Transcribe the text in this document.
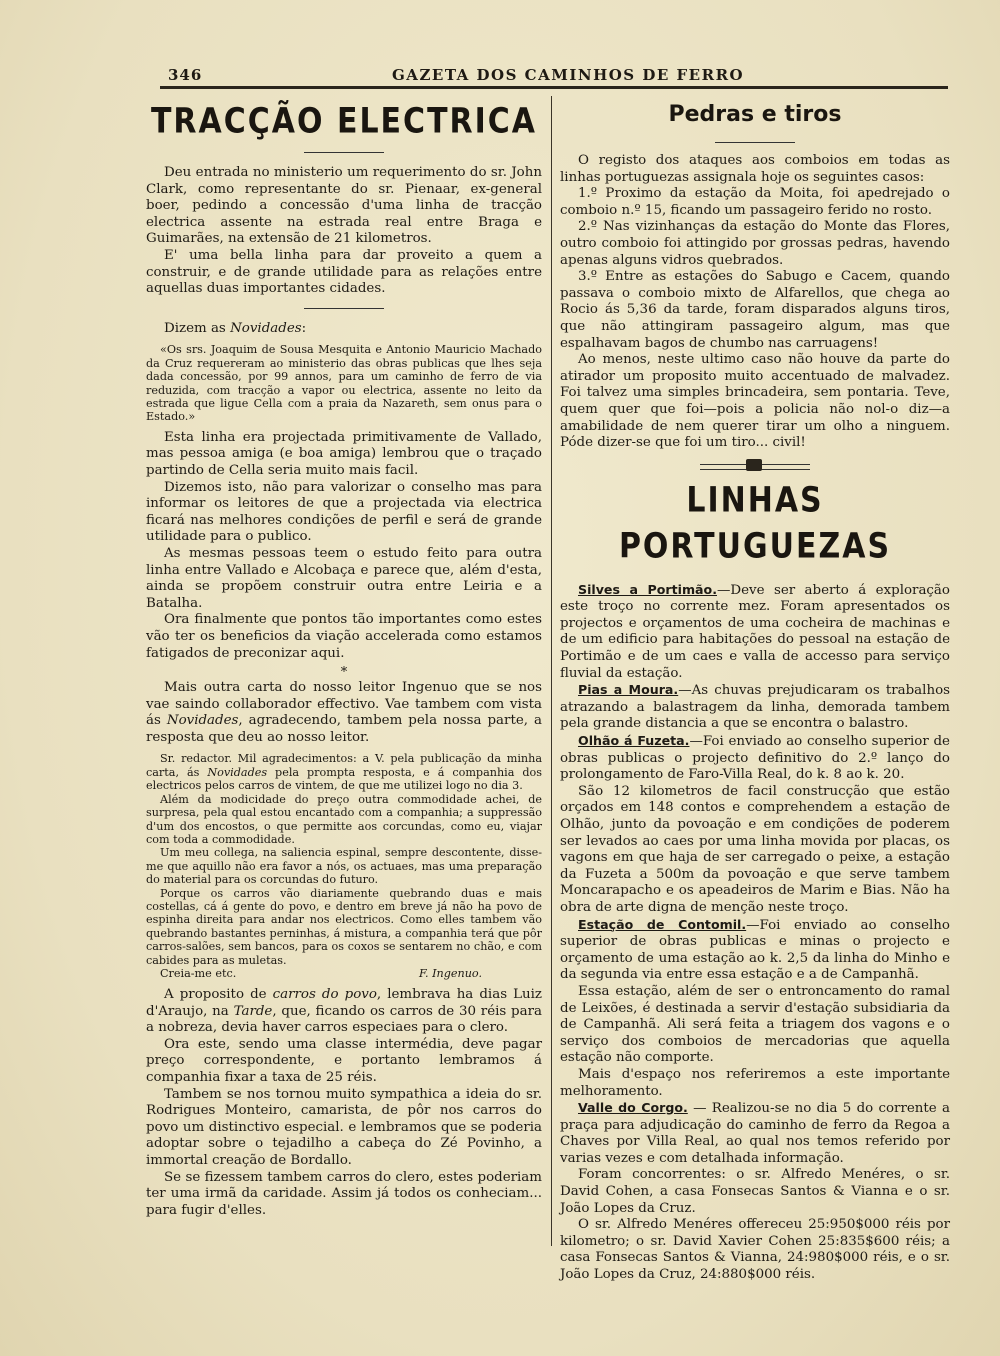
346	GAZETA DOS CAMINHOS DE FERRO
TRACÇÃO ELECTRICA

Deu entrada no ministerio um requerimento do sr. John Clark, como representante do sr. Pienaar, ex-general boer, pedindo a concessão d'uma linha de tracção electrica assente na estrada real entre Braga e Guimarães, na extensão de 21 kilometros.

E' uma bella linha para dar proveito a quem a construir, e de grande utilidade para as relações entre aquellas duas importantes cidades.

Dizem as Novidades:

«Os srs. Joaquim de Sousa Mesquita e Antonio Mauricio Machado da Cruz requereram ao ministerio das obras publicas que lhes seja dada concessão, por 99 annos, para um caminho de ferro de via reduzida, com tracção a vapor ou electrica, assente no leito da estrada que ligue Cella com a praia da Nazareth, sem onus para o Estado.»

Esta linha era projectada primitivamente de Vallado, mas pessoa amiga (e boa amiga) lembrou que o traçado partindo de Cella seria muito mais facil.

Dizemos isto, não para valorizar o conselho mas para informar os leitores de que a projectada via electrica ficará nas melhores condições de perfil e será de grande utilidade para o publico.

As mesmas pessoas teem o estudo feito para outra linha entre Vallado e Alcobaça e parece que, além d'esta, ainda se propõem construir outra entre Leiria e a Batalha.

Ora finalmente que pontos tão importantes como estes vão ter os beneficios da viação accelerada como estamos fatigados de preconizar aqui.

*

Mais outra carta do nosso leitor Ingenuo que se nos vae saindo collaborador effectivo. Vae tambem com vista ás Novidades, agradecendo, tambem pela nossa parte, a resposta que deu ao nosso leitor.

Sr. redactor. Mil agradecimentos: a V. pela publicação da minha carta, ás Novidades pela prompta resposta, e á companhia dos electricos pelos carros de vintem, de que me utilizei logo no dia 3.

Além da modicidade do preço outra commodidade achei, de surpresa, pela qual estou encantado com a companhia; a suppressão d'um dos encostos, o que permitte aos corcundas, como eu, viajar com toda a commodidade.

Um meu collega, na saliencia espinal, sempre descontente, disse-me que aquillo não era favor a nós, os actuaes, mas uma preparação do material para os corcundas do futuro.

Porque os carros vão diariamente quebrando duas e mais costellas, cá á gente do povo, e dentro em breve já não ha povo de espinha direita para andar nos electricos. Como elles tambem vão quebrando bastantes perninhas, á mistura, a companhia terá que pôr carros-salões, sem bancos, para os coxos se sentarem no chão, e com cabides para as muletas.

Creia-me etc.	F. Ingenuo.

A proposito de carros do povo, lembrava ha dias Luiz d'Araujo, na Tarde, que, ficando os carros de 30 réis para a nobreza, devia haver carros especiaes para o clero.

Ora este, sendo uma classe intermédia, deve pagar preço correspondente, e portanto lembramos á companhia fixar a taxa de 25 réis.

Tambem se nos tornou muito sympathica a ideia do sr. Rodrigues Monteiro, camarista, de pôr nos carros do povo um distinctivo especial. e lembramos que se poderia adoptar sobre o tejadilho a cabeça do Zé Povinho, a immortal creação de Bordallo.

Se se fizessem tambem carros do clero, estes poderiam ter uma irmã da caridade. Assim já todos os conheciam... para fugir d'elles.

Pedras e tiros

O registo dos ataques aos comboios em todas as linhas portuguezas assignala hoje os seguintes casos:

1.º Proximo da estação da Moita, foi apedrejado o comboio n.º 15, ficando um passageiro ferido no rosto.

2.º Nas vizinhanças da estação do Monte das Flores, outro comboio foi attingido por grossas pedras, havendo apenas alguns vidros quebrados.

3.º Entre as estações do Sabugo e Cacem, quando passava o comboio mixto de Alfarellos, que chega ao Rocio ás 5,36 da tarde, foram disparados alguns tiros, que não attingiram passageiro algum, mas que espalhavam bagos de chumbo nas carruagens!

Ao menos, neste ultimo caso não houve da parte do atirador um proposito muito accentuado de malvadez. Foi talvez uma simples brincadeira, sem pontaria. Teve, quem quer que foi—pois a policia não nol-o diz—a amabilidade de nem querer tirar um olho a ninguem. Póde dizer-se que foi um tiro... civil!

LINHAS PORTUGUEZAS

Silves a Portimão.—Deve ser aberto á exploração este troço no corrente mez. Foram apresentados os projectos e orçamentos de uma cocheira de machinas e de um edificio para habitações do pessoal na estação de Portimão e de um caes e valla de accesso para serviço fluvial da estação.

Pias a Moura.—As chuvas prejudicaram os trabalhos atrazando a balastragem da linha, demorada tambem pela grande distancia a que se encontra o balastro.

Olhão á Fuzeta.—Foi enviado ao conselho superior de obras publicas o projecto definitivo do 2.º lanço do prolongamento de Faro-Villa Real, do k. 8 ao k. 20.

São 12 kilometros de facil construcção que estão orçados em 148 contos e comprehendem a estação de Olhão, junto da povoação e em condições de poderem ser levados ao caes por uma linha movida por placas, os vagons em que haja de ser carregado o peixe, a estação da Fuzeta a 500m da povoação e que serve tambem Moncarapacho e os apeadeiros de Marim e Bias. Não ha obra de arte digna de menção neste troço.

Estação de Contomil.—Foi enviado ao conselho superior de obras publicas e minas o projecto e orçamento de uma estação ao k. 2,5 da linha do Minho e da segunda via entre essa estação e a de Campanhã.

Essa estação, além de ser o entroncamento do ramal de Leixões, é destinada a servir d'estação subsidiaria da de Campanhã. Ali será feita a triagem dos vagons e o serviço dos comboios de mercadorias que aquella estação não comporte.

Mais d'espaço nos referiremos a este importante melhoramento.

Valle do Corgo. — Realizou-se no dia 5 do corrente a praça para adjudicação do caminho de ferro da Regoa a Chaves por Villa Real, ao qual nos temos referido por varias vezes e com detalhada informação.

Foram concorrentes: o sr. Alfredo Menéres, o sr. David Cohen, a casa Fonsecas Santos & Vianna e o sr. João Lopes da Cruz.

O sr. Alfredo Menéres offereceu 25:950$000 réis por kilometro; o sr. David Xavier Cohen 25:835$600 réis; a casa Fonsecas Santos & Vianna, 24:980$000 réis, e o sr. João Lopes da Cruz, 24:880$000 réis.
